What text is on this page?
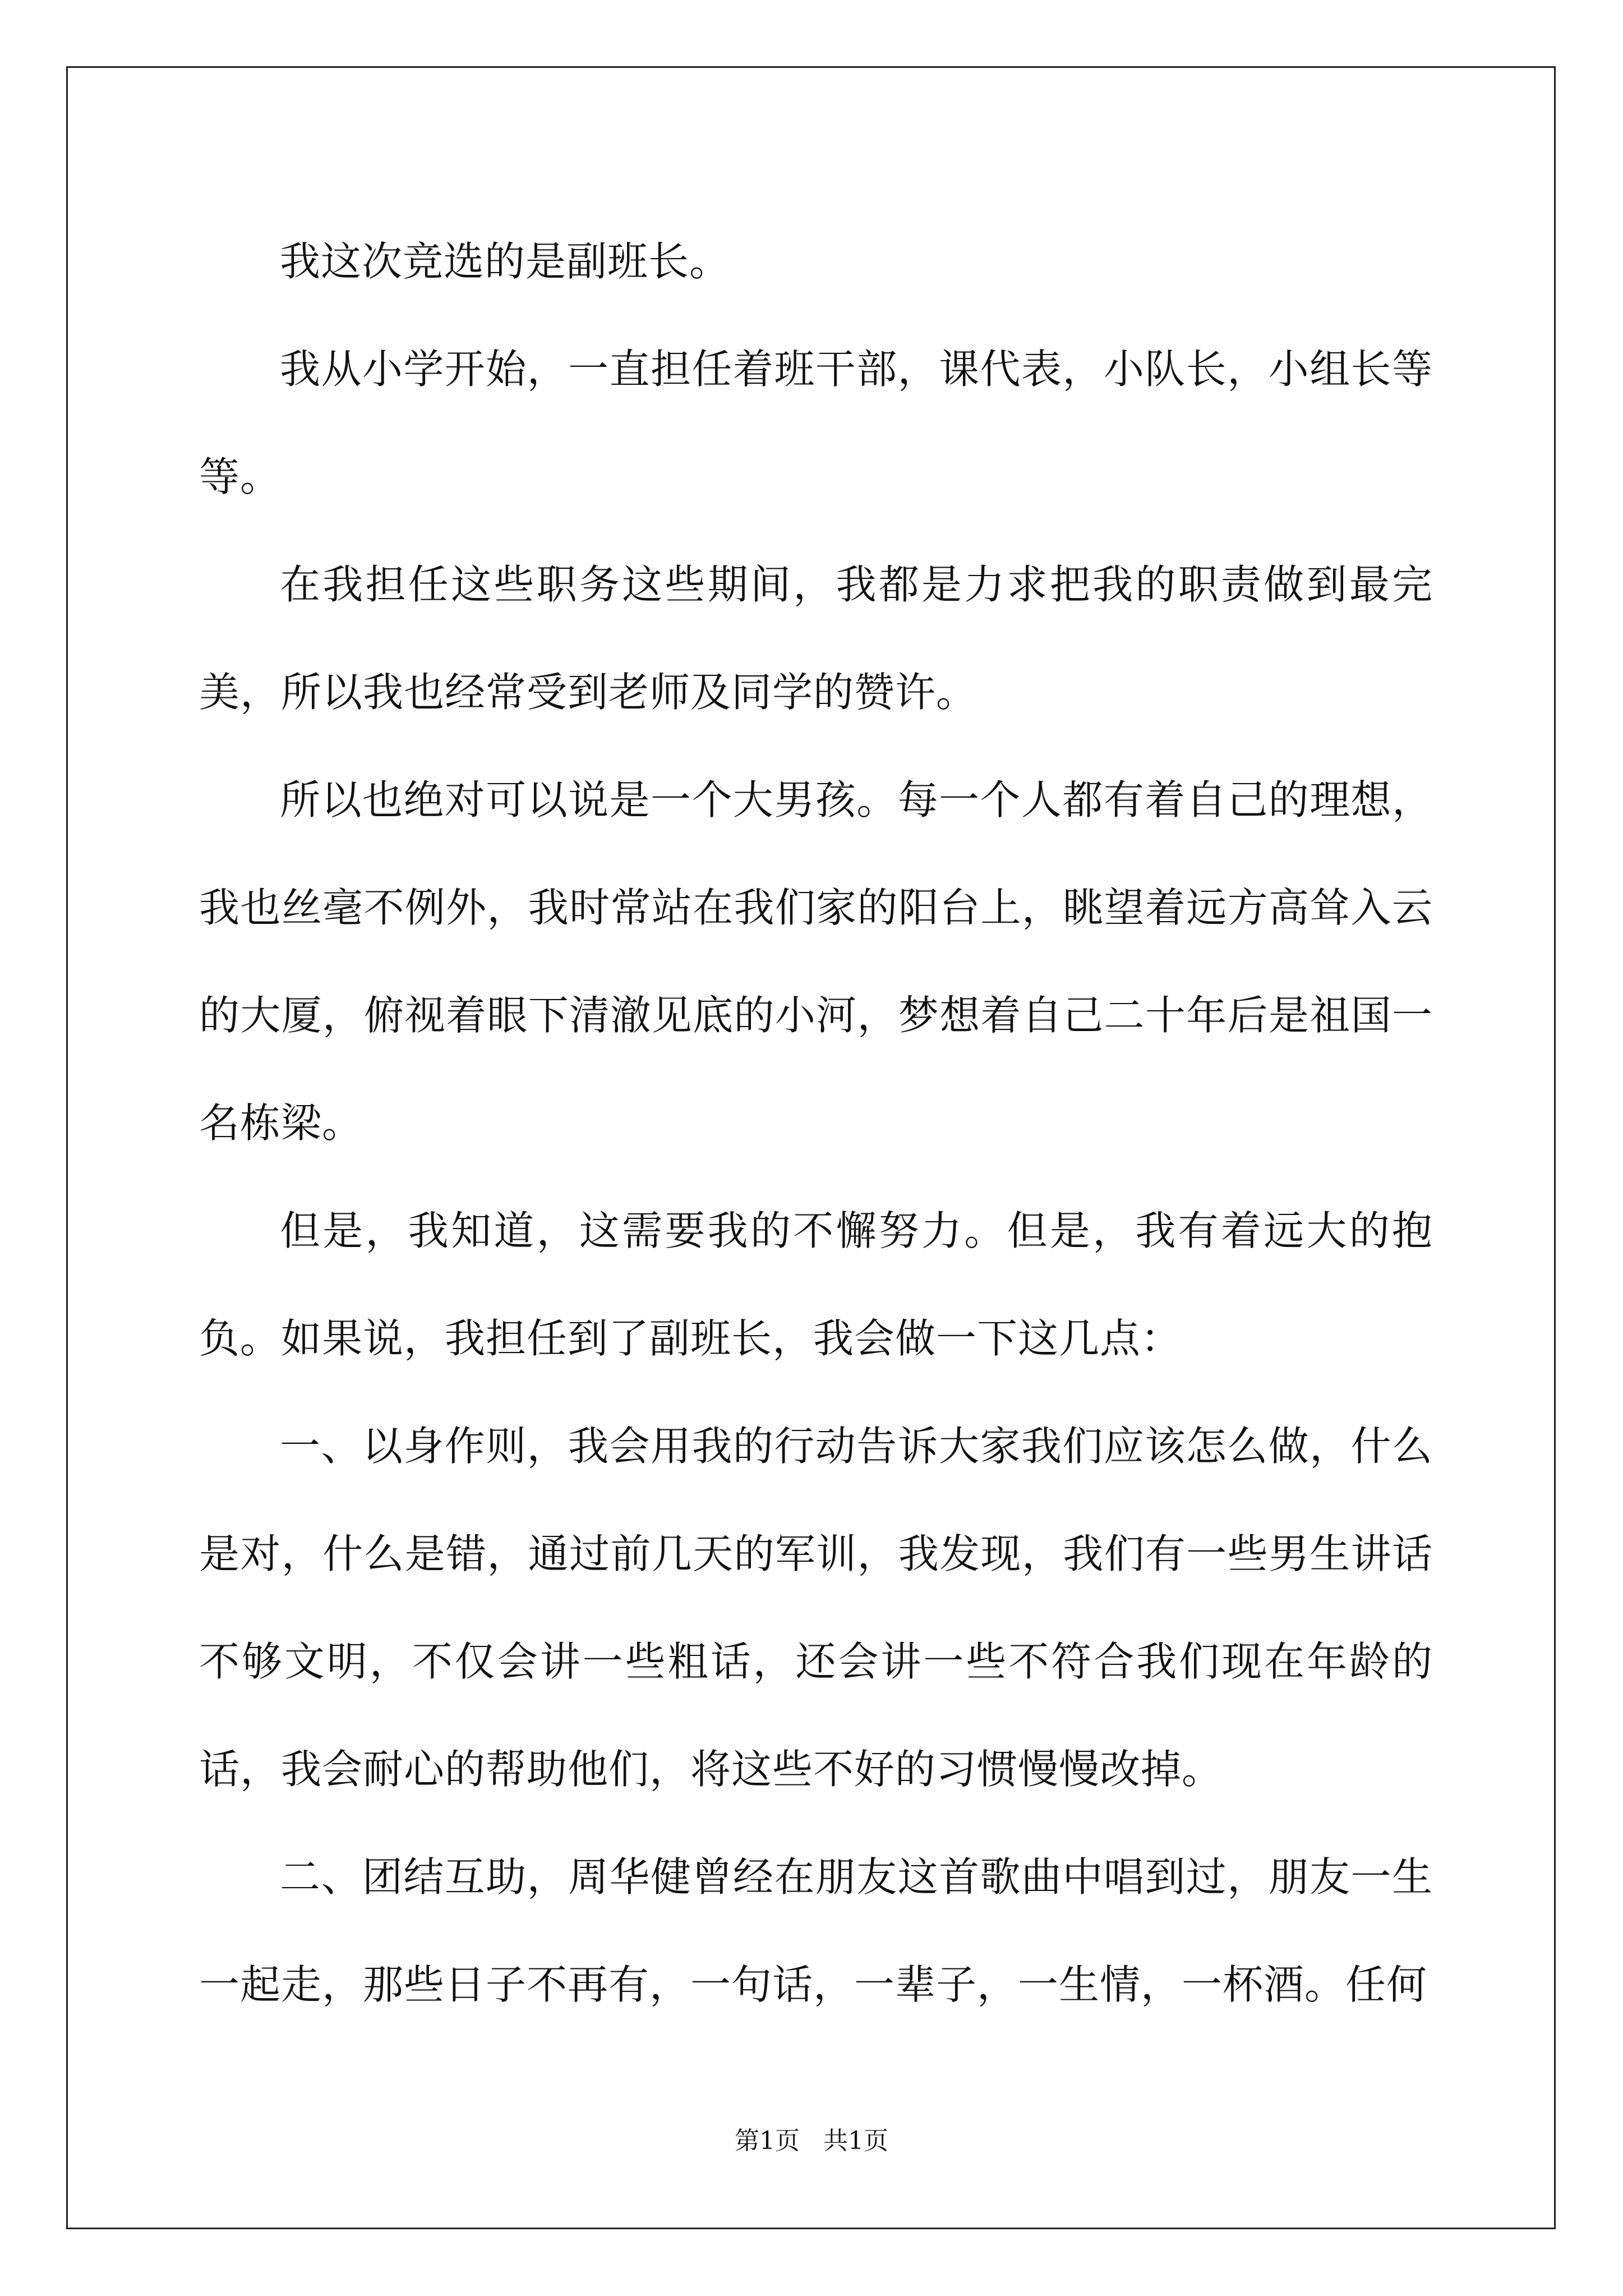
我这次竞选的是副班长。

我从小学开始，一直担任着班干部，课代表，小队长，小组长等等。

在我担任这些职务这些期间，我都是力求把我的职责做到最完美，所以我也经常受到老师及同学的赞许。

所以也绝对可以说是一个大男孩。每一个人都有着自己的理想，我也丝毫不例外，我时常站在我们家的阳台上，眺望着远方高耸入云的大厦，俯视着眼下清澈见底的小河，梦想着自己二十年后是祖国一名栋梁。

但是，我知道，这需要我的不懈努力。但是，我有着远大的抱负。如果说，我担任到了副班长，我会做一下这几点：

一、以身作则，我会用我的行动告诉大家我们应该怎么做，什么是对，什么是错，通过前几天的军训，我发现，我们有一些男生讲话不够文明，不仅会讲一些粗话，还会讲一些不符合我们现在年龄的话，我会耐心的帮助他们，将这些不好的习惯慢慢改掉。

二、团结互助，周华健曾经在朋友这首歌曲中唱到过，朋友一生一起走，那些日子不再有，一句话，一辈子，一生情，一杯酒。任何

第1页   共1页
